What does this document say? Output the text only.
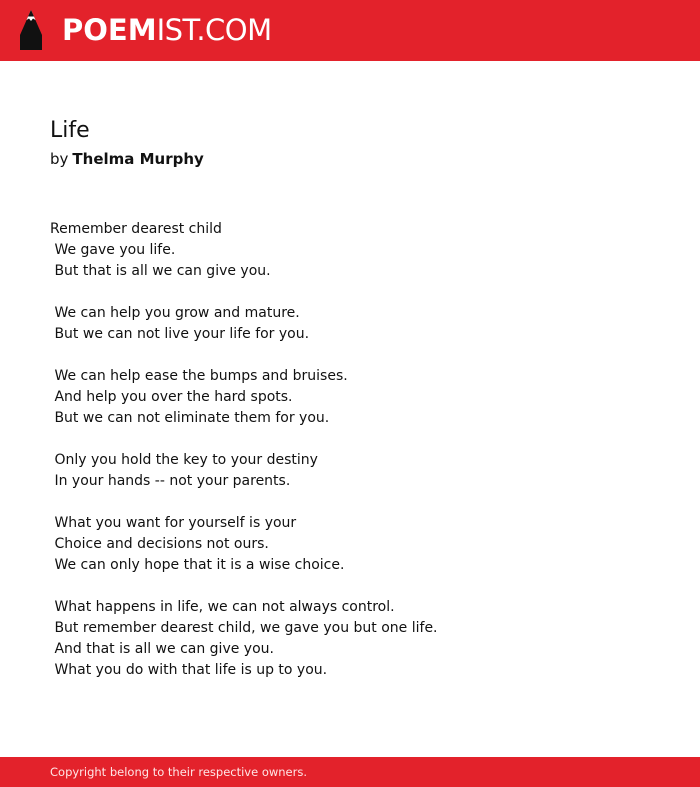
POEMIST.COM
Life
by Thelma Murphy
Remember dearest child
We gave you life.
But that is all we can give you.
We can help you grow and mature.
But we can not live your life for you.
We can help ease the bumps and bruises.
And help you over the hard spots.
But we can not eliminate them for you.
Only you hold the key to your destiny
In your hands -- not your parents.
What you want for yourself is your
Choice and decisions not ours.
We can only hope that it is a wise choice.
What happens in life, we can not always control.
But remember dearest child, we gave you but one life.
And that is all we can give you.
What you do with that life is up to you.
Copyright belong to their respective owners.
